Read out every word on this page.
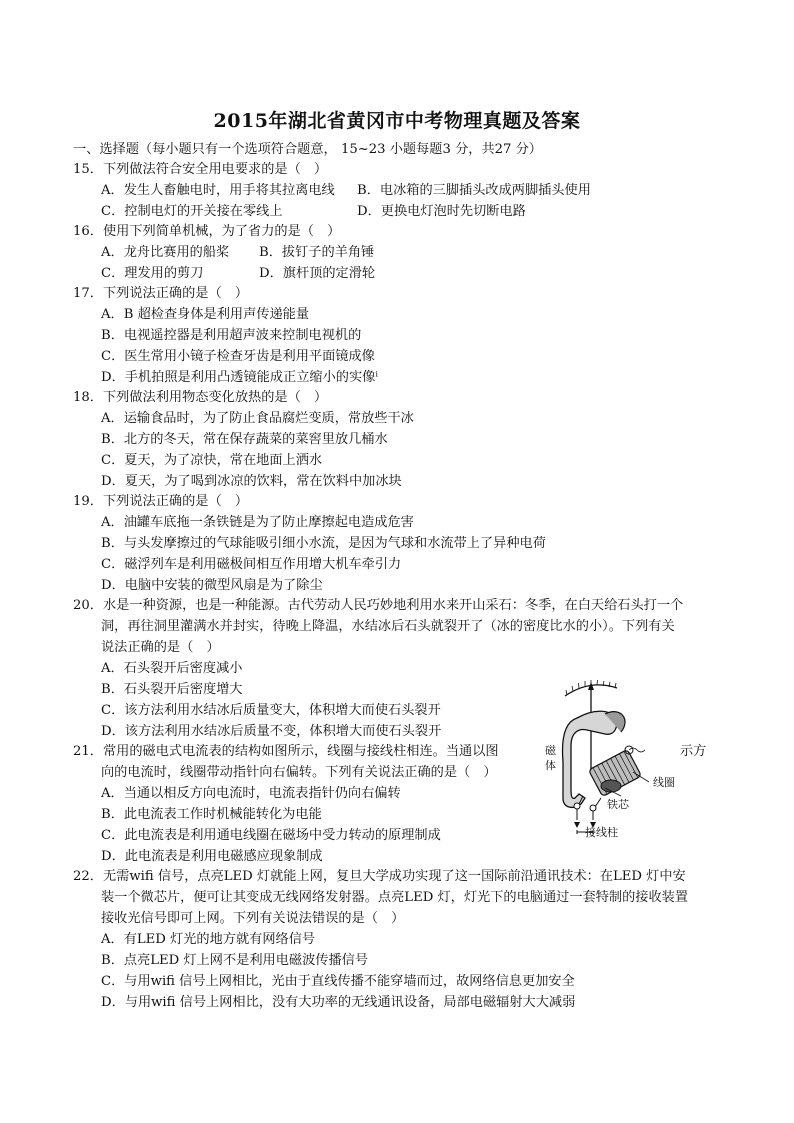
2015年湖北省黄冈市中考物理真题及答案
一、选择题（每小题只有一个选项符合题意， 15~23 小题每题3 分，共27 分）
15．下列做法符合安全用电要求的是（　）
A．发生人畜触电时，用手将其拉离电线 B．电冰箱的三脚插头改成两脚插头使用
C．控制电灯的开关接在零线上	D．更换电灯泡时先切断电路
16．使用下列简单机械，为了省力的是（　）
A．龙舟比赛用的船桨 B．拔钉子的羊角锤
C．理发用的剪刀	D．旗杆顶的定滑轮
17．下列说法正确的是（　）
A．B 超检查身体是利用声传递能量
B．电视遥控器是利用超声波来控制电视机的
C．医生常用小镜子检查牙齿是利用平面镜成像
D．手机拍照是利用凸透镜能成正立缩小的实像ⁱ
18．下列做法利用物态变化放热的是（　）
A．运输食品时，为了防止食品腐烂变质，常放些干冰
B．北方的冬天，常在保存蔬菜的菜窖里放几桶水
C．夏天，为了凉快，常在地面上洒水
D．夏天，为了喝到冰凉的饮料，常在饮料中加冰块
19．下列说法正确的是（　）
A．油罐车底拖一条铁链是为了防止摩擦起电造成危害
B．与头发摩擦过的气球能吸引细小水流，是因为气球和水流带上了异种电荷
C．磁浮列车是利用磁极间相互作用增大机车牵引力
D．电脑中安装的微型风扇是为了除尘
20．水是一种资源，也是一种能源。古代劳动人民巧妙地利用水来开山采石：冬季，在白天给石头打一个
洞，再往洞里灌满水并封实，待晚上降温，水结冰后石头就裂开了（冰的密度比水的小）。下列有关
说法正确的是（　）
A．石头裂开后密度减小
B．石头裂开后密度增大
C．该方法利用水结冰后质量变大，体积增大而使石头裂开
D．该方法利用水结冰后质量不变，体积增大而使石头裂开
21．常用的磁电式电流表的结构如图所示，线圈与接线柱相连。当通以图	示方
向的电流时，线圈带动指针向右偏转。下列有关说法正确的是（　）
A．当通以相反方向电流时，电流表指针仍向右偏转
B．此电流表工作时机械能转化为电能
C．此电流表是利用通电线圈在磁场中受力转动的原理制成
D．此电流表是利用电磁感应现象制成
磁
体
线圈
铁芯
接线柱
22．无需wifi 信号，点亮LED 灯就能上网，复旦大学成功实现了这一国际前沿通讯技术：在LED 灯中安
装一个微芯片，便可让其变成无线网络发射器。点亮LED 灯，灯光下的电脑通过一套特制的接收装置
接收光信号即可上网。下列有关说法错误的是（　）
A．有LED 灯光的地方就有网络信号
B．点亮LED 灯上网不是利用电磁波传播信号
C．与用wifi 信号上网相比，光由于直线传播不能穿墙而过，故网络信息更加安全
D．与用wifi 信号上网相比，没有大功率的无线通讯设备，局部电磁辐射大大减弱
